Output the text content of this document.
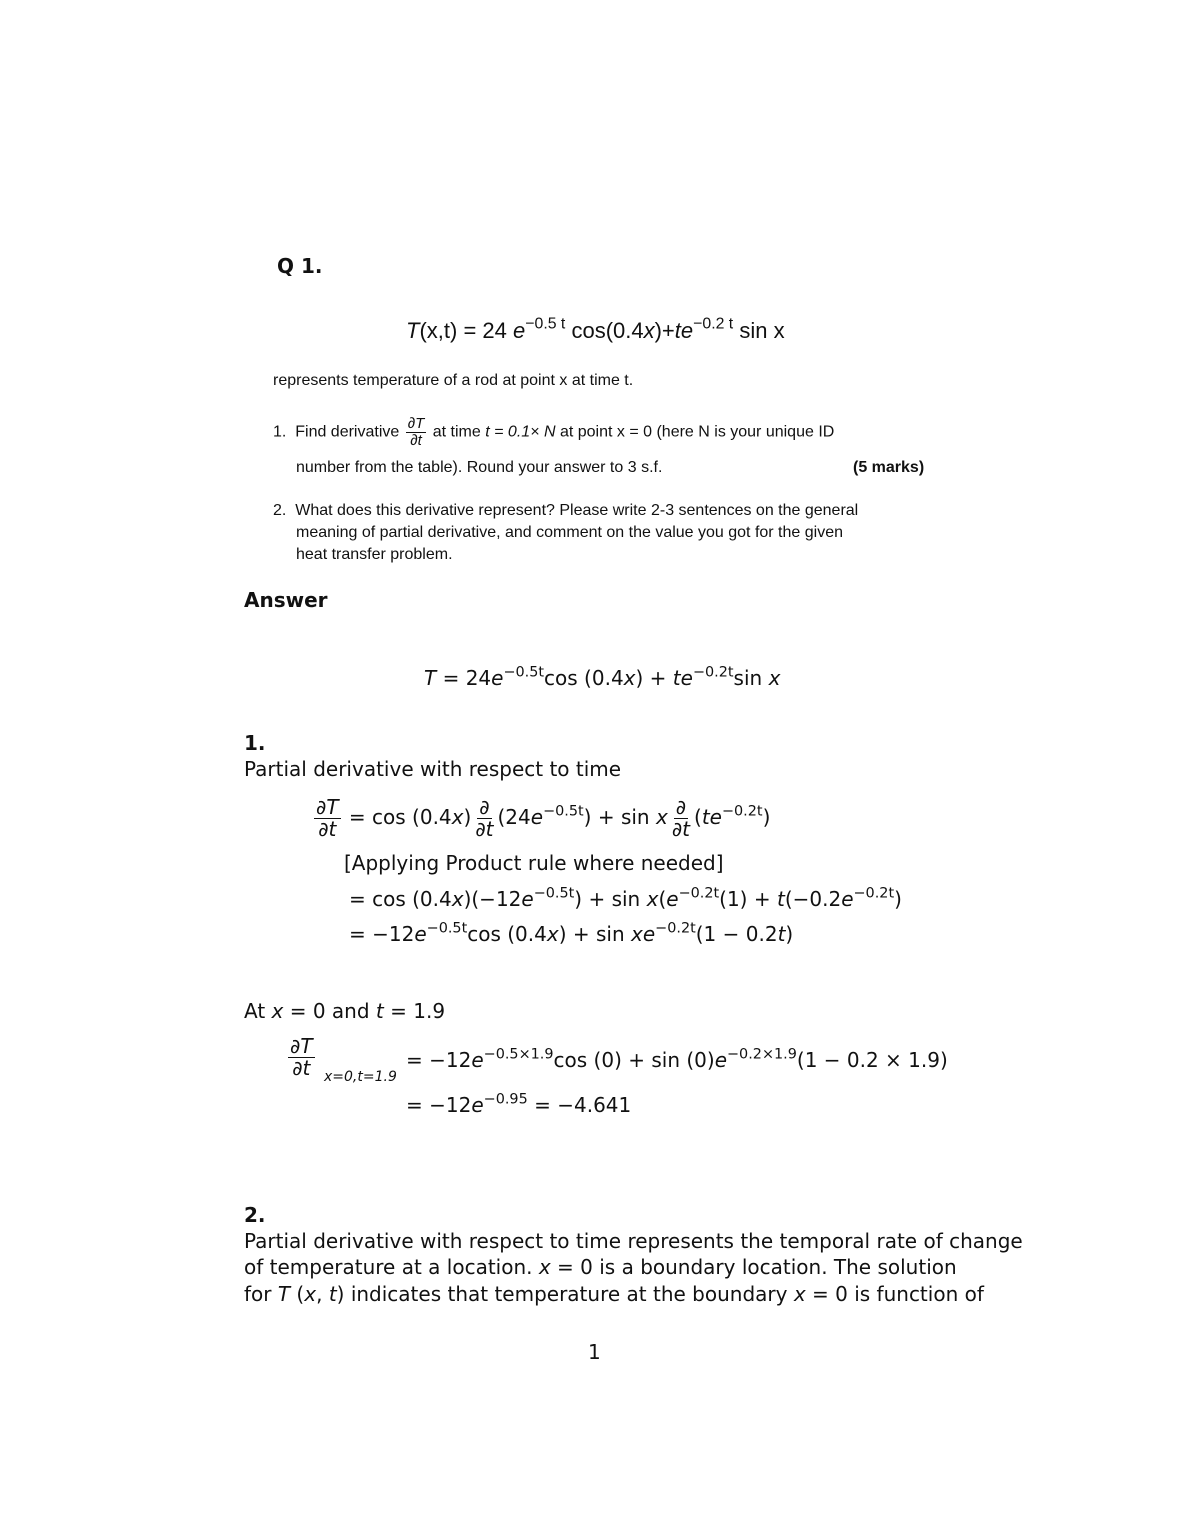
Q 1.
T(x,t) = 24 $e^{-0.5 t}$ $\cos(0.4x)+te^{-0.2 t}$ sin x
represents temperature of a rod at point x at time t.
1. Find derivative $\frac{\partial T}{\partial t}$ at time t = 0.1× N at point x = 0 (here N is your unique ID
number from the table). Round your answer to 3 s.f.	(5 marks)
2. What does this derivative represent? Please write 2-3 sentences on the general
meaning of partial derivative, and comment on the value you got for the given
heat transfer problem.
Answer
$T = 24e^{-0.5t}\cos$ $(0.4x) + te^{-0.2t}\sin$ x
1.
Partial derivative with respect to time
$\frac{\partial T}{\partial t} = \cos (0.4x) \frac{\partial}{\partial t} (24e^{-0.5t}) + \sin x \frac{\partial}{\partial t} (te^{-0.2t})$
[Applying Product rule where needed]
= $\cos (0.4x)(-12e^{-0.5t}) + \sin x(e^{-0.2t}(1) + t(-0.2e^{-0.2t})$
= $-12e^{-0.5t}\cos$ $(0.4x) + \sin xe^{-0.2t}(1 - 0.2t)$
At x = 0 and t = 1.9
$\frac{\partial T}{\partial t} x=0,t=1.9$
= $-12e^{-0.5\times 1.9}\cos$ $(0) + \sin (0)e^{-0.2\times 1.9}(1 - 0.2 \times 1.9)$
= $-12e^{-0.95} = -4.641$
2.
Partial derivative with respect to time represents the temporal rate of change
of temperature at a location. x = 0 is a boundary location. The solution
for T (x, t) indicates that temperature at the boundary x = 0 is function of
1
